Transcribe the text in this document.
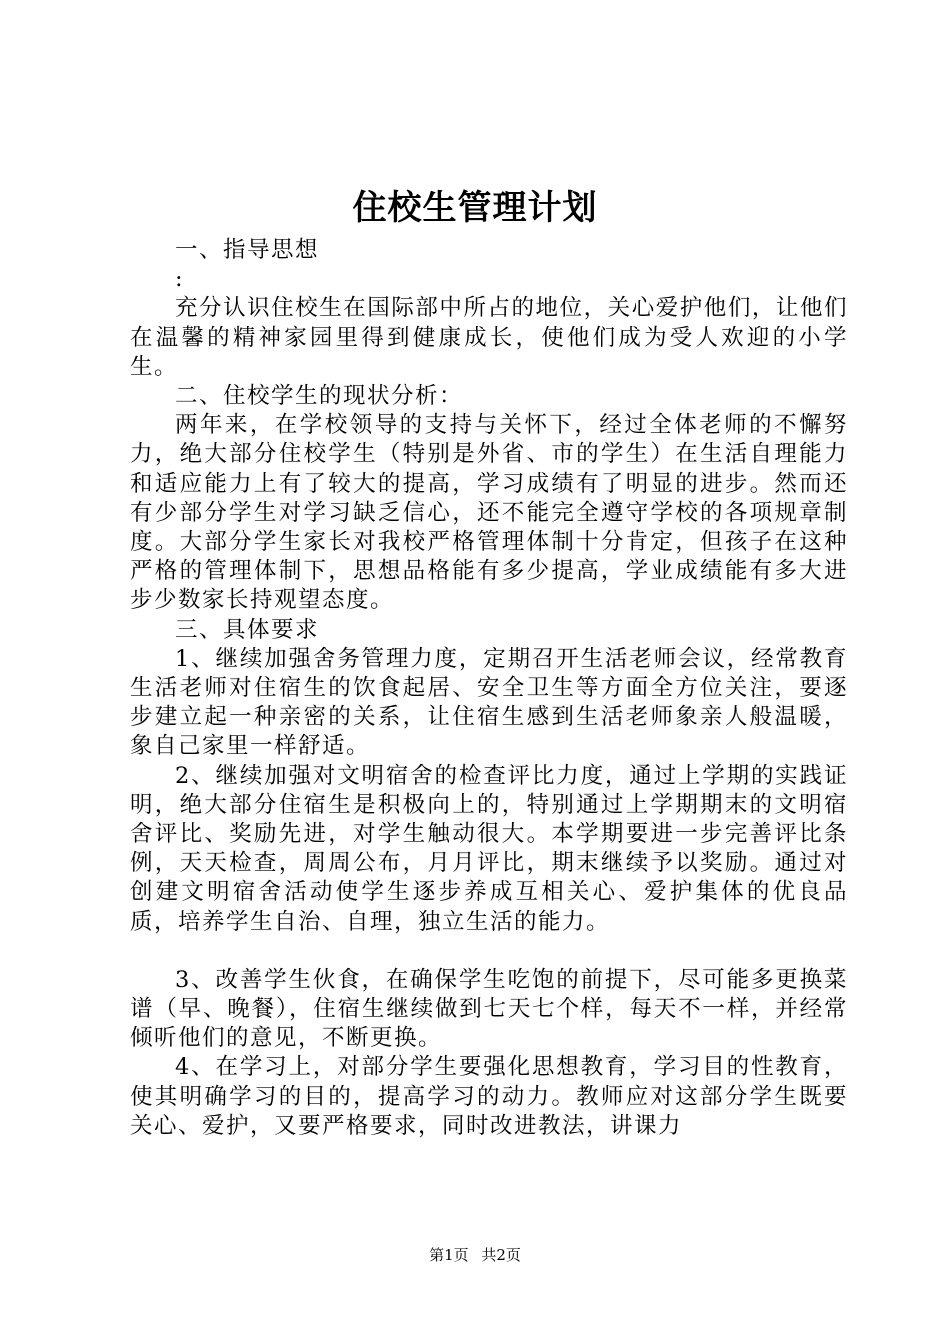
住校生管理计划

一、指导思想

:

充分认识住校生在国际部中所占的地位，关心爱护他们，让他们在温馨的精神家园里得到健康成长，使他们成为受人欢迎的小学生。

二、住校学生的现状分析：

两年来，在学校领导的支持与关怀下，经过全体老师的不懈努力，绝大部分住校学生（特别是外省、市的学生）在生活自理能力和适应能力上有了较大的提高，学习成绩有了明显的进步。然而还有少部分学生对学习缺乏信心，还不能完全遵守学校的各项规章制度。大部分学生家长对我校严格管理体制十分肯定，但孩子在这种严格的管理体制下，思想品格能有多少提高，学业成绩能有多大进步少数家长持观望态度。

三、具体要求

1、继续加强舍务管理力度，定期召开生活老师会议，经常教育生活老师对住宿生的饮食起居、安全卫生等方面全方位关注，要逐步建立起一种亲密的关系，让住宿生感到生活老师象亲人般温暖，象自己家里一样舒适。

2、继续加强对文明宿舍的检查评比力度，通过上学期的实践证明，绝大部分住宿生是积极向上的，特别通过上学期期末的文明宿舍评比、奖励先进，对学生触动很大。本学期要进一步完善评比条例，天天检查，周周公布，月月评比，期末继续予以奖励。通过对创建文明宿舍活动使学生逐步养成互相关心、爱护集体的优良品质，培养学生自治、自理，独立生活的能力。

3、改善学生伙食，在确保学生吃饱的前提下，尽可能多更换菜谱（早、晚餐），住宿生继续做到七天七个样，每天不一样，并经常倾听他们的意见，不断更换。

4、在学习上，对部分学生要强化思想教育，学习目的性教育，使其明确学习的目的，提高学习的动力。教师应对这部分学生既要关心、爱护，又要严格要求，同时改进教法，讲课力

第1页 共2页
